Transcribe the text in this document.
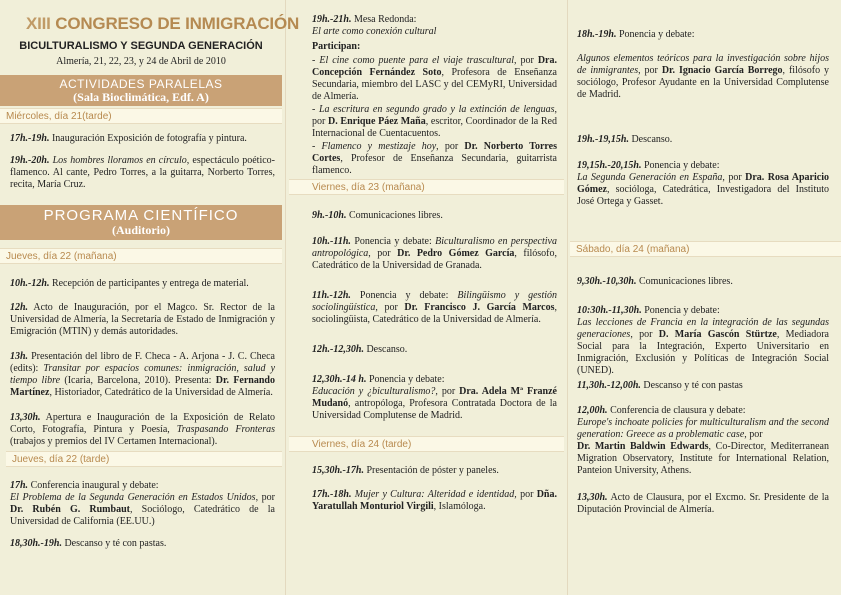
XIII CONGRESO DE INMIGRACIÓN
BICULTURALISMO Y SEGUNDA GENERACIÓN
Almería, 21, 22, 23, y 24 de Abril de 2010
ACTIVIDADES PARALELAS
(Sala Bioclimática, Edf. A)
Miércoles, día 21(tarde)

17h.-19h. Inauguración Exposición de fotografía y pintura.

19h.-20h. Los hombres lloramos en círculo, espectáculo poético-flamenco. Al cante, Pedro Torres, a la guitarra, Norberto Torres, recita, María Cruz.

PROGRAMA CIENTÍFICO
(Auditorio)
Jueves, día 22 (mañana)

10h.-12h. Recepción de participantes y entrega de material.

12h. Acto de Inauguración, por el Magco. Sr. Rector de la Universidad de Almería, la Secretaría de Estado de Inmigración y Emigración (MTIN) y demás autoridades.

13h. Presentación del libro de F. Checa - A. Arjona - J. C. Checa (edits): Transitar por espacios comunes: inmigración, salud y tiempo libre (Icaria, Barcelona, 2010). Presenta: Dr. Fernando Martínez, Historiador, Catedrático de la Universidad de Almería.

13,30h. Apertura e Inauguración de la Exposición de Relato Corto, Fotografía, Pintura y Poesía, Traspasando Fronteras (trabajos y premios del IV Certamen Internacional).

Jueves, día 22 (tarde)

17h. Conferencia inaugural y debate:
El Problema de la Segunda Generación en Estados Unidos, por Dr. Rubén G. Rumbaut, Sociólogo, Catedrático de la Universidad de California (EE.UU.)

18,30h.-19h. Descanso y té con pastas.

19h.-21h. Mesa Redonda:
El arte como conexión cultural

Participan:

- El cine como puente para el viaje trascultural, por Dra. Concepción Fernández Soto, Profesora de Enseñanza Secundaria, miembro del LASC y del CEMyRI, Universidad de Almería.

- La escritura en segundo grado y la extinción de lenguas, por D. Enrique Páez Maña, escritor, Coordinador de la Red Internacional de Cuentacuentos.

- Flamenco y mestizaje hoy, por Dr. Norberto Torres Cortes, Profesor de Enseñanza Secundaria, guitarrista flamenco.

Viernes, día 23 (mañana)

9h.-10h. Comunicaciones libres.

10h.-11h. Ponencia y debate: Biculturalismo en perspectiva antropológica, por Dr. Pedro Gómez García, filósofo, Catedrático de la Universidad de Granada.

11h.-12h. Ponencia y debate: Bilingüismo y gestión sociolingüística, por Dr. Francisco J. García Marcos, sociolingüista, Catedrático de la Universidad de Almería.

12h.-12,30h. Descanso.

12,30h.-14 h. Ponencia y debate:
Educación y ¿biculturalismo?, por Dra. Adela Mª Franzé Mudanó, antropóloga, Profesora Contratada Doctora de la Universidad Complutense de Madrid.

Viernes, día 24 (tarde)

15,30h.-17h. Presentación de póster y paneles.

17h.-18h. Mujer y Cultura: Alteridad e identidad, por Dña. Yaratullah Monturiol Virgili, Islamóloga.

18h.-19h. Ponencia y debate:

Algunos elementos teóricos para la investigación sobre hijos de inmigrantes, por Dr. Ignacio García Borrego, filósofo y sociólogo, Profesor Ayudante en la Universidad Complutense de Madrid.

19h.-19,15h. Descanso.

19,15h.-20,15h. Ponencia y debate:
La Segunda Generación en España, por Dra. Rosa Aparicio Gómez, socióloga, Catedrática, Investigadora del Instituto José Ortega y Gasset.

Sábado, día 24 (mañana)

9,30h.-10,30h. Comunicaciones libres.

10:30h.-11,30h. Ponencia y debate:
Las lecciones de Francia en la integración de las segundas generaciones, por D. María Gascón Stürtze, Mediadora Social para la Integración, Experto Universitario en Inmigración, Exclusión y Políticas de Integración Social (UNED).

11,30h.-12,00h. Descanso y té con pastas

12,00h. Conferencia de clausura y debate:
Europe's inchoate policies for multiculturalism and the second generation: Greece as a problematic case, por
Dr. Martin Baldwin Edwards, Co-Director, Mediterranean Migration Observatory, Institute for International Relation, Panteion University, Athens.

13,30h. Acto de Clausura, por el Excmo. Sr. Presidente de la Diputación Provincial de Almería.
